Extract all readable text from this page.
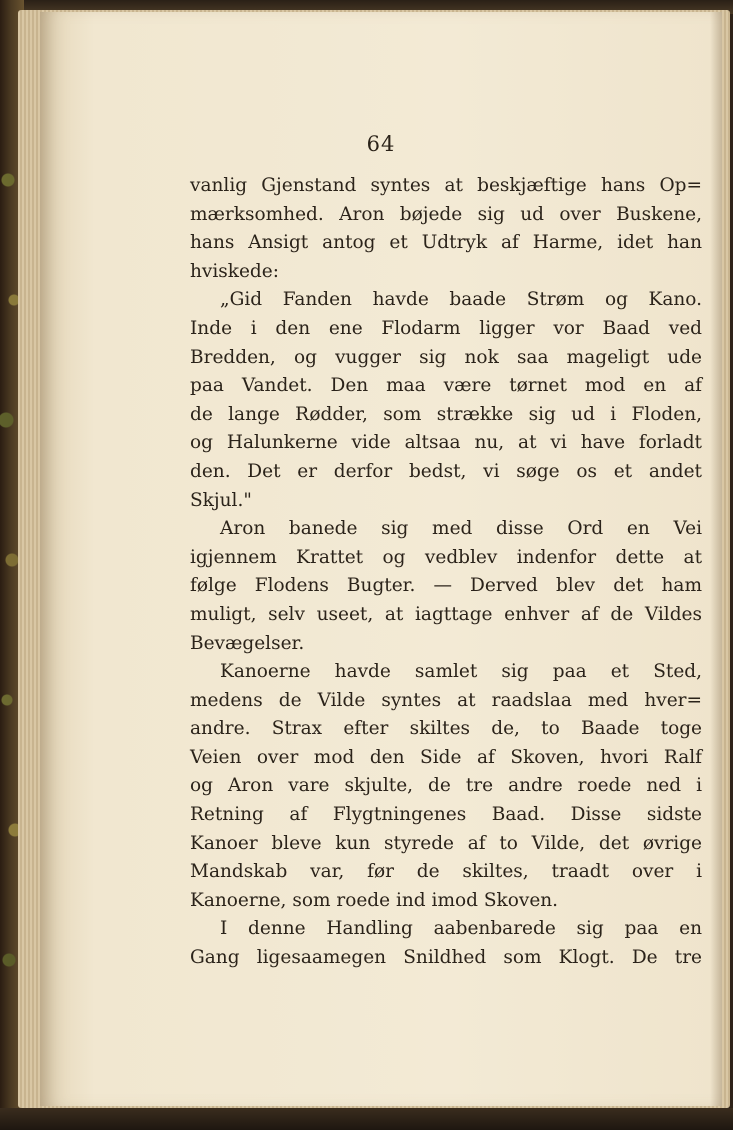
64
vanlig Gjenstand syntes at beskjæftige hans Op=
mærksomhed. Aron bøjede sig ud over Buskene,
hans Ansigt antog et Udtryk af Harme, idet han
hviskede:
„Gid Fanden havde baade Strøm og Kano.
Inde i den ene Flodarm ligger vor Baad ved
Bredden, og vugger sig nok saa mageligt ude
paa Vandet. Den maa være tørnet mod en af
de lange Rødder, som strække sig ud i Floden,
og Halunkerne vide altsaa nu, at vi have forladt
den. Det er derfor bedst, vi søge os et andet
Skjul."
Aron banede sig med disse Ord en Vei
igjennem Krattet og vedblev indenfor dette at
følge Flodens Bugter. — Derved blev det ham
muligt, selv useet, at iagttage enhver af de Vildes
Bevægelser.
Kanoerne havde samlet sig paa et Sted,
medens de Vilde syntes at raadslaa med hver=
andre. Strax efter skiltes de, to Baade toge
Veien over mod den Side af Skoven, hvori Ralf
og Aron vare skjulte, de tre andre roede ned i
Retning af Flygtningenes Baad. Disse sidste
Kanoer bleve kun styrede af to Vilde, det øvrige
Mandskab var, før de skiltes, traadt over i
Kanoerne, som roede ind imod Skoven.
I denne Handling aabenbarede sig paa en
Gang ligesaamegen Snildhed som Klogt. De tre
